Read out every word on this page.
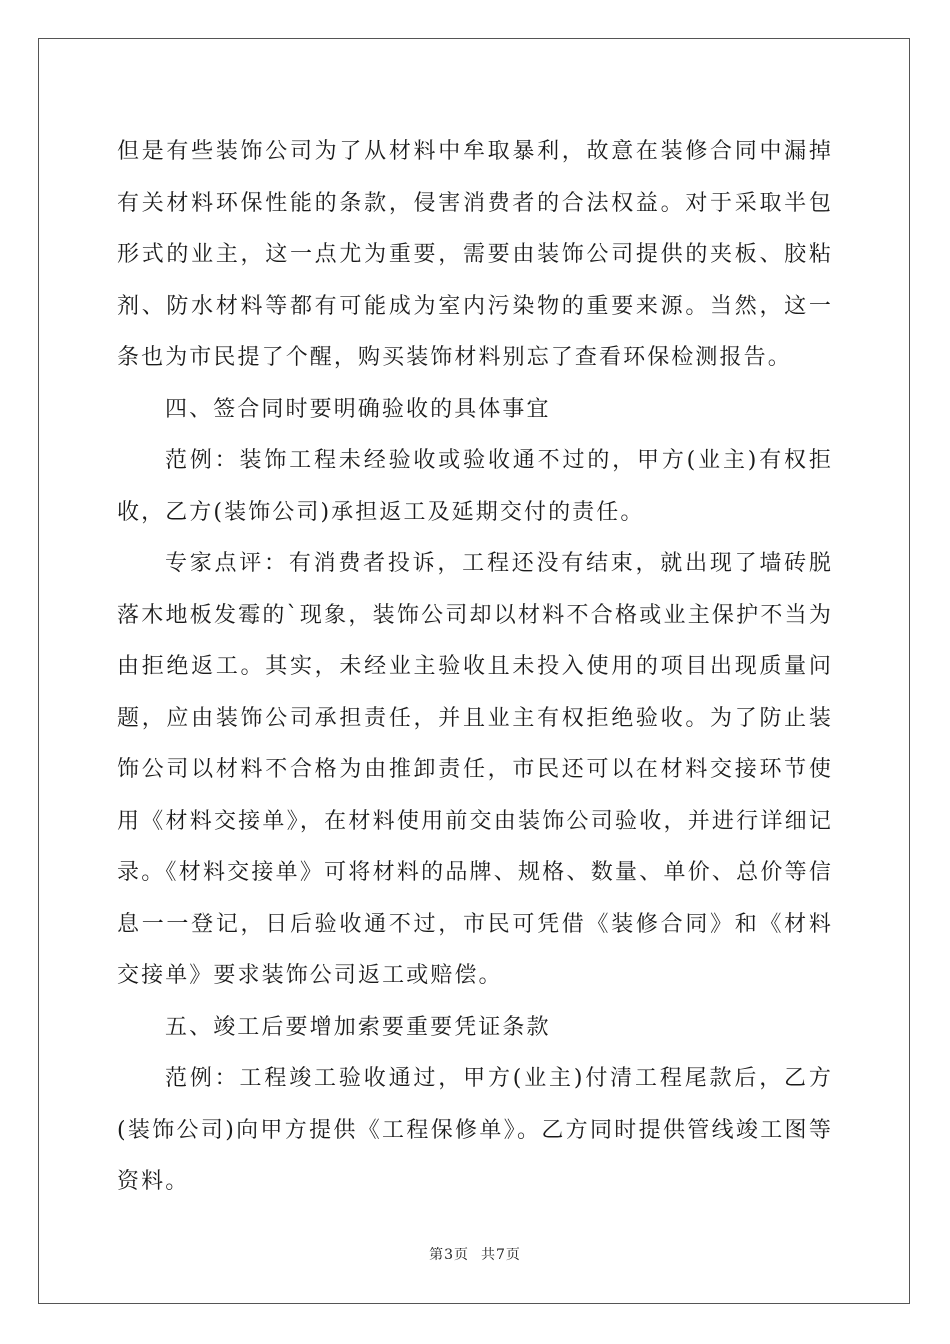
但是有些装饰公司为了从材料中牟取暴利，故意在装修合同中漏掉有关材料环保性能的条款，侵害消费者的合法权益。对于采取半包形式的业主，这一点尤为重要，需要由装饰公司提供的夹板、胶粘剂、防水材料等都有可能成为室内污染物的重要来源。当然，这一条也为市民提了个醒，购买装饰材料别忘了查看环保检测报告。

四、签合同时要明确验收的具体事宜

范例：装饰工程未经验收或验收通不过的，甲方(业主)有权拒收，乙方(装饰公司)承担返工及延期交付的责任。

专家点评：有消费者投诉，工程还没有结束，就出现了墙砖脱落木地板发霉的`现象，装饰公司却以材料不合格或业主保护不当为由拒绝返工。其实，未经业主验收且未投入使用的项目出现质量问题，应由装饰公司承担责任，并且业主有权拒绝验收。为了防止装饰公司以材料不合格为由推卸责任，市民还可以在材料交接环节使用《材料交接单》，在材料使用前交由装饰公司验收，并进行详细记录。《材料交接单》可将材料的品牌、规格、数量、单价、总价等信息一一登记，日后验收通不过，市民可凭借《装修合同》和《材料交接单》要求装饰公司返工或赔偿。

五、竣工后要增加索要重要凭证条款

范例：工程竣工验收通过，甲方(业主)付清工程尾款后，乙方(装饰公司)向甲方提供《工程保修单》。乙方同时提供管线竣工图等资料。

第3页 共7页
